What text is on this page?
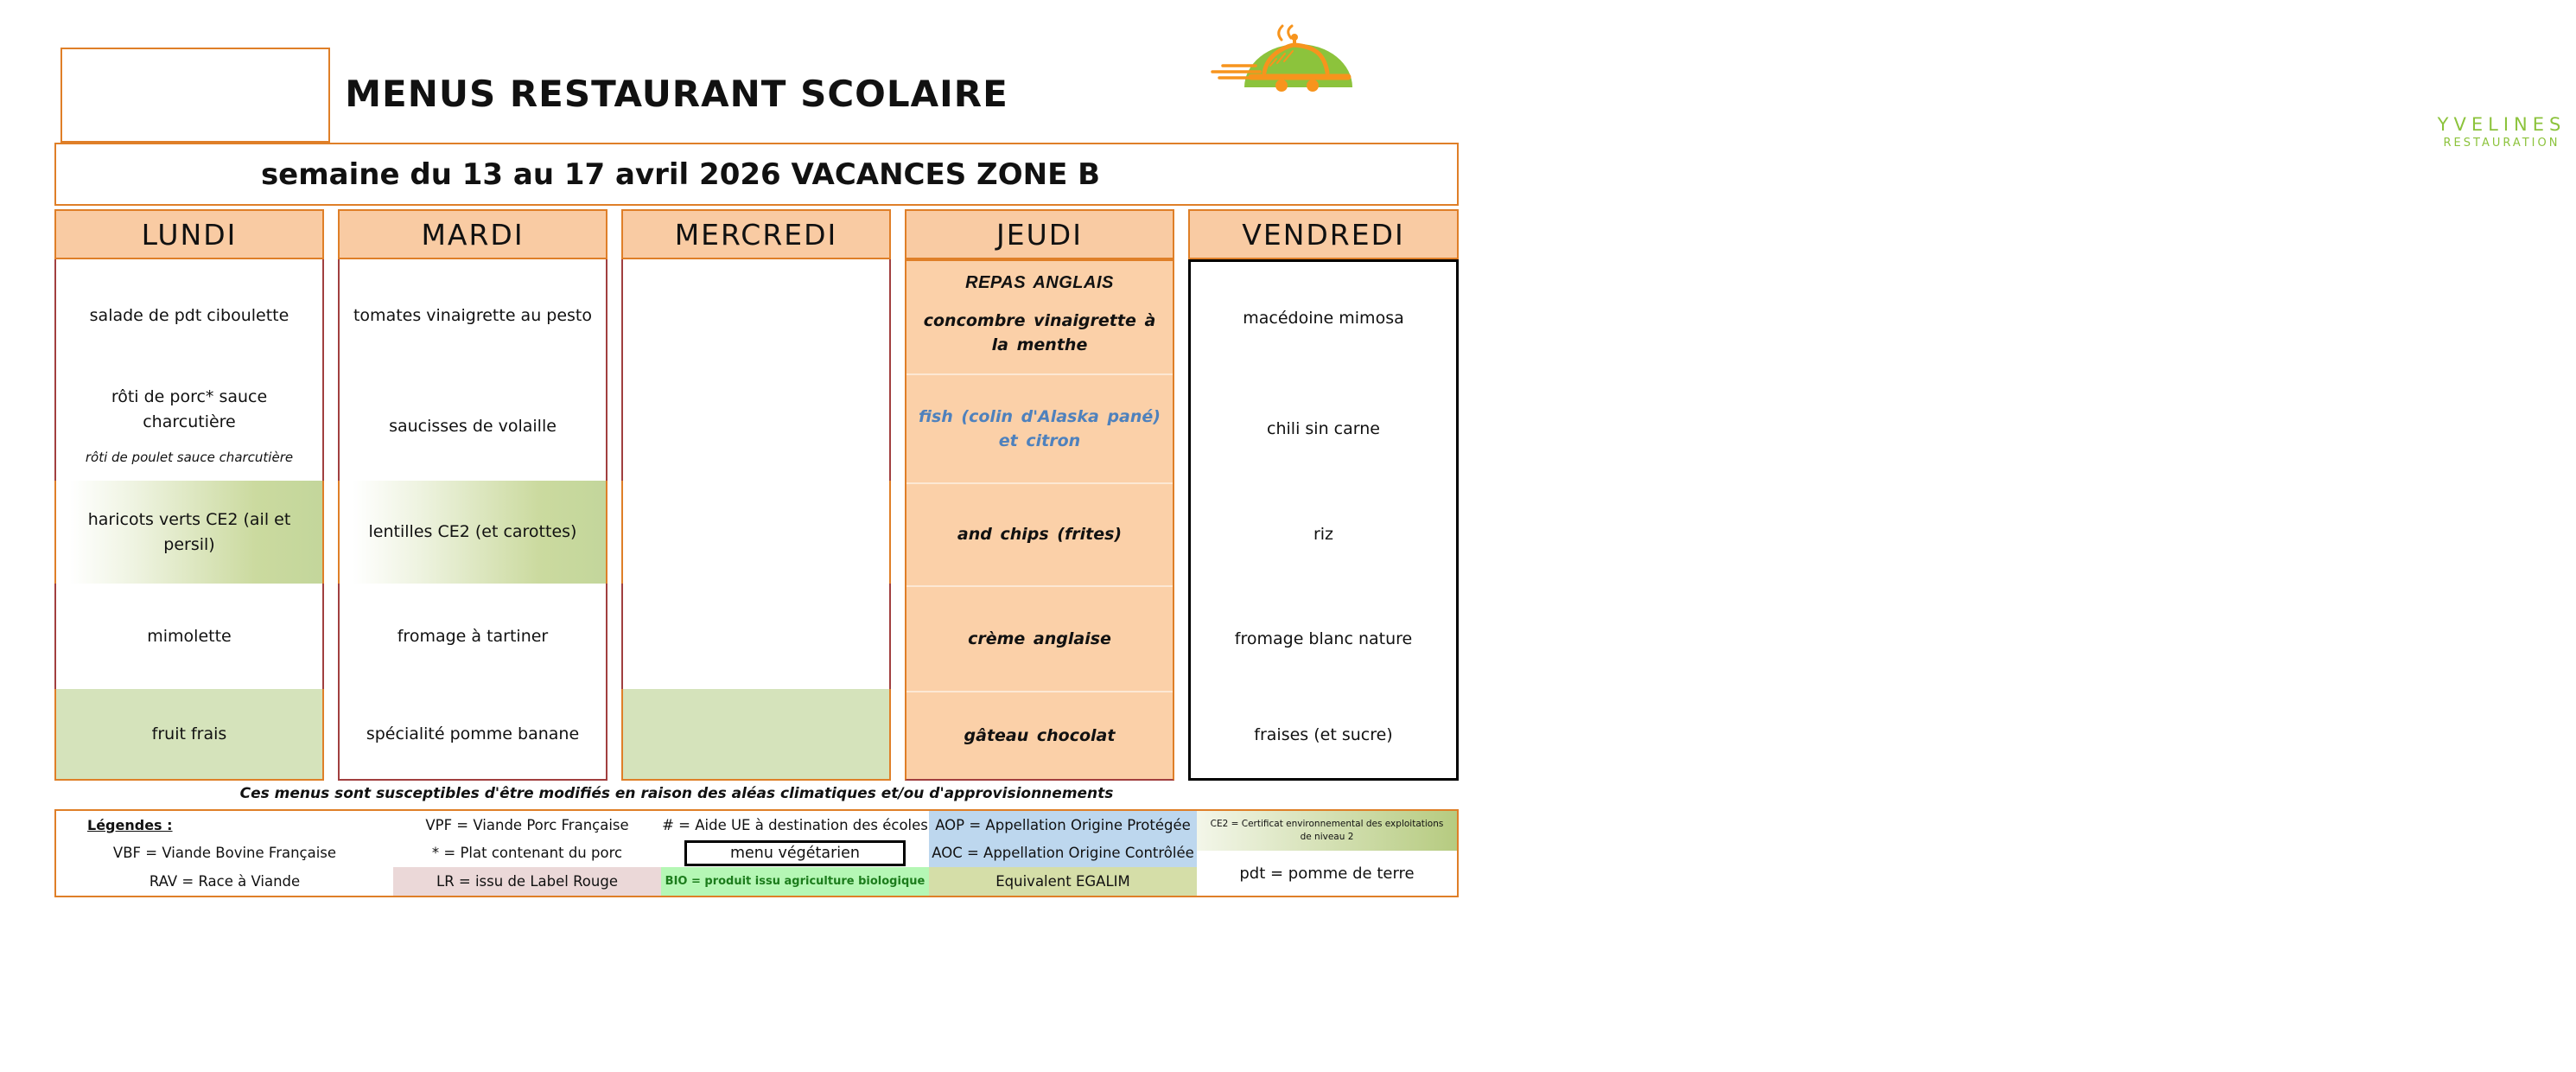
MENUS RESTAURANT SCOLAIRE
YVELINES
RESTAURATION
semaine du 13 au 17 avril 2026 VACANCES ZONE B
LUNDI
salade de pdt ciboulette
rôti de porc* sauce charcutière
rôti de poulet sauce charcutière
haricots verts CE2 (ail et persil)
mimolette
fruit frais
MARDI
tomates vinaigrette au pesto
saucisses de volaille
lentilles CE2 (et carottes)
fromage à tartiner
spécialité pomme banane
MERCREDI	JEUDI
REPAS ANGLAIS
concombre vinaigrette à la menthe
fish (colin d'Alaska pané) et citron
and chips (frites)
crème anglaise
gâteau chocolat
VENDREDI
macédoine mimosa
chili sin carne
riz
fromage blanc nature
fraises (et sucre)
Ces menus sont susceptibles d'être modifiés en raison des aléas climatiques et/ou d'approvisionnements
Légendes :
VBF = Viande Bovine Française
RAV = Race à Viande
VPF = Viande Porc Française
* = Plat contenant du porc
LR = issu de Label Rouge
# = Aide UE à destination des écoles
menu végétarien
BIO = produit issu agriculture biologique
AOP = Appellation Origine Protégée
AOC = Appellation Origine Contrôlée
Equivalent EGALIM
CE2 = Certificat environnemental des exploitations de niveau 2
pdt = pomme de terre
